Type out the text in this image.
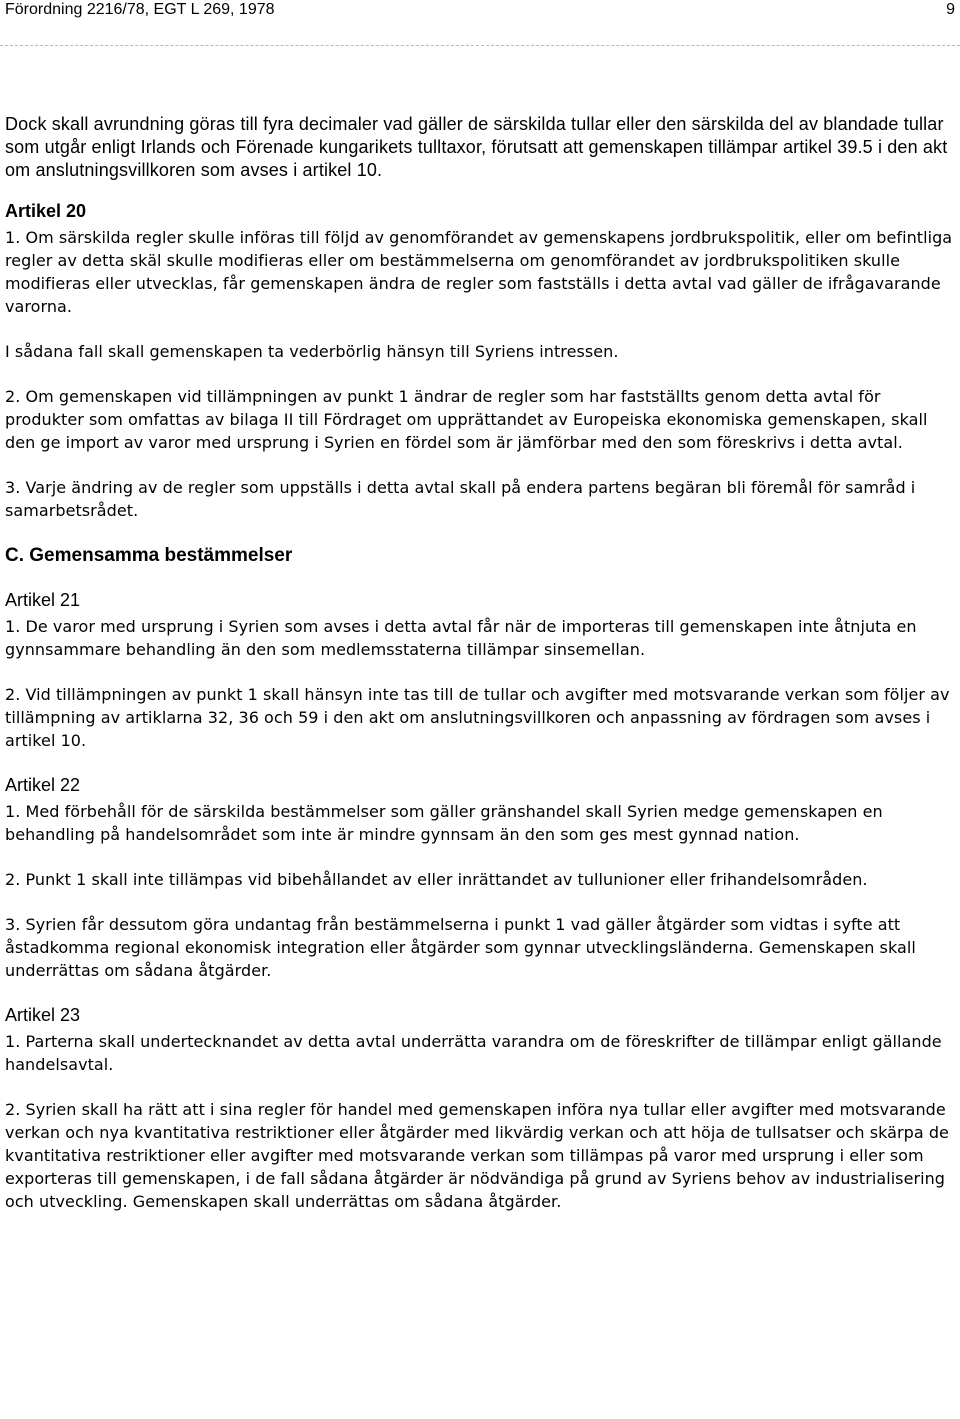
Förordning 2216/78, EGT L 269, 1978	9

Dock skall avrundning göras till fyra decimaler vad gäller de särskilda tullar eller den särskilda del av blandade tullar som utgår enligt Irlands och Förenade kungarikets tulltaxor, förutsatt att gemenskapen tillämpar artikel 39.5 i den akt om anslutningsvillkoren som avses i artikel 10.

Artikel 20

1. Om särskilda regler skulle införas till följd av genomförandet av gemenskapens jordbrukspolitik, eller om befintliga regler av detta skäl skulle modifieras eller om bestämmelserna om genomförandet av jordbrukspolitiken skulle modifieras eller utvecklas, får gemenskapen ändra de regler som fastställs i detta avtal vad gäller de ifrågavarande varorna.

I sådana fall skall gemenskapen ta vederbörlig hänsyn till Syriens intressen.

2. Om gemenskapen vid tillämpningen av punkt 1 ändrar de regler som har fastställts genom detta avtal för produkter som omfattas av bilaga II till Fördraget om upprättandet av Europeiska ekonomiska gemenskapen, skall den ge import av varor med ursprung i Syrien en fördel som är jämförbar med den som föreskrivs i detta avtal.

3. Varje ändring av de regler som uppställs i detta avtal skall på endera partens begäran bli föremål för samråd i samarbetsrådet.

C. Gemensamma bestämmelser

Artikel 21

1. De varor med ursprung i Syrien som avses i detta avtal får när de importeras till gemenskapen inte åtnjuta en gynnsammare behandling än den som medlemsstaterna tillämpar sinsemellan.

2. Vid tillämpningen av punkt 1 skall hänsyn inte tas till de tullar och avgifter med motsvarande verkan som följer av tillämpning av artiklarna 32, 36 och 59 i den akt om anslutningsvillkoren och anpassning av fördragen som avses i artikel 10.

Artikel 22

1. Med förbehåll för de särskilda bestämmelser som gäller gränshandel skall Syrien medge gemenskapen en behandling på handelsområdet som inte är mindre gynnsam än den som ges mest gynnad nation.

2. Punkt 1 skall inte tillämpas vid bibehållandet av eller inrättandet av tullunioner eller frihandelsområden.

3. Syrien får dessutom göra undantag från bestämmelserna i punkt 1 vad gäller åtgärder som vidtas i syfte att åstadkomma regional ekonomisk integration eller åtgärder som gynnar utvecklingsländerna. Gemenskapen skall underrättas om sådana åtgärder.

Artikel 23

1. Parterna skall undertecknandet av detta avtal underrätta varandra om de föreskrifter de tillämpar enligt gällande handelsavtal.

2. Syrien skall ha rätt att i sina regler för handel med gemenskapen införa nya tullar eller avgifter med motsvarande verkan och nya kvantitativa restriktioner eller åtgärder med likvärdig verkan och att höja de tullsatser och skärpa de kvantitativa restriktioner eller avgifter med motsvarande verkan som tillämpas på varor med ursprung i eller som exporteras till gemenskapen, i de fall sådana åtgärder är nödvändiga på grund av Syriens behov av industrialisering och utveckling. Gemenskapen skall underrättas om sådana åtgärder.
